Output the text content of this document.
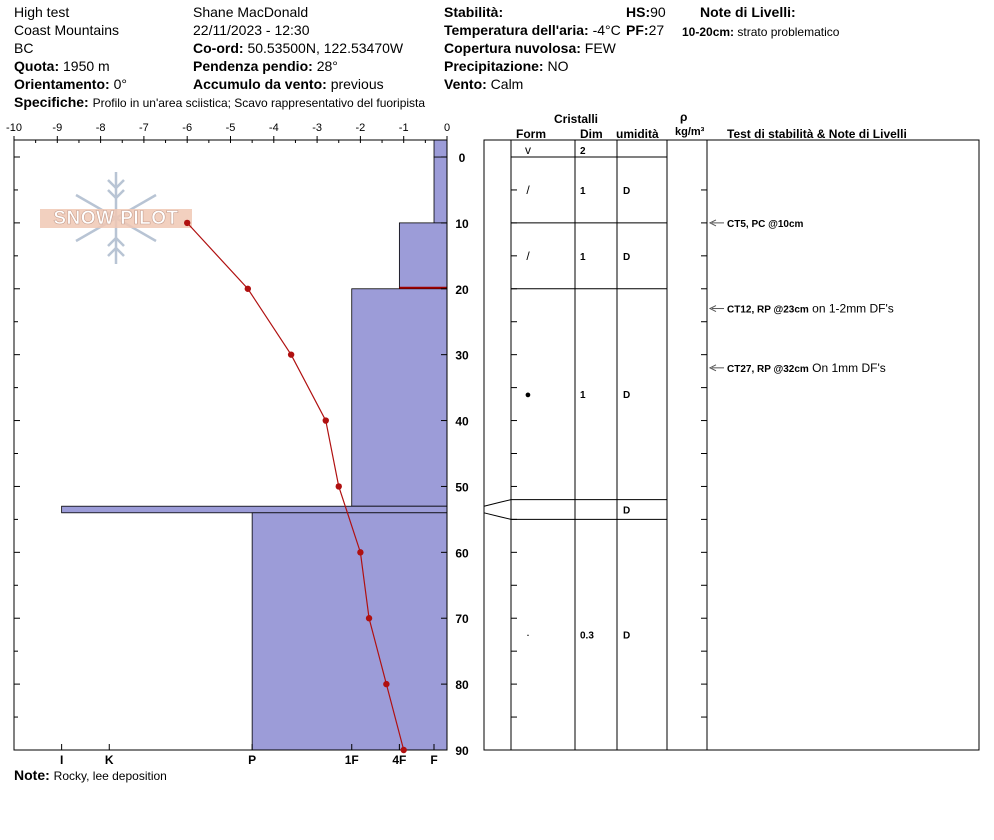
High test
Coast Mountains
BC
Quota: 1950 m
Orientamento: 0°
Specifiche: Profilo in un'area sciistica; Scavo rappresentativo del fuoripista
Shane MacDonald
22/11/2023 - 12:30
Co-ord: 50.53500N, 122.53470W
Pendenza pendio: 28°
Accumulo da vento: previous
Stabilità:
Temperatura dell'aria: -4°C
Copertura nuvolosa: FEW
Precipitazione: NO
Vento: Calm
HS:90
PF:27
Note di Livelli:
10-20cm: strato problematico
Cristalli
Form	Dim umidità
ρ
kg/m³ Test di stabilità & Note di Livelli
Note: Rocky, lee deposition
SNOW PILOT
-10	-9	-8	-7	-6	-5	-4	-3	-2	-1	0
0
10
20
30
40
50
60
70
80
90
I	K	P	1F	4F F
v	2
/	1	D
/	1	D
●	1	D
D
·	0.3	D
CT5, PC @10cm
CT12, RP @23cm on 1-2mm DF's
CT27, RP @32cm On 1mm DF's
